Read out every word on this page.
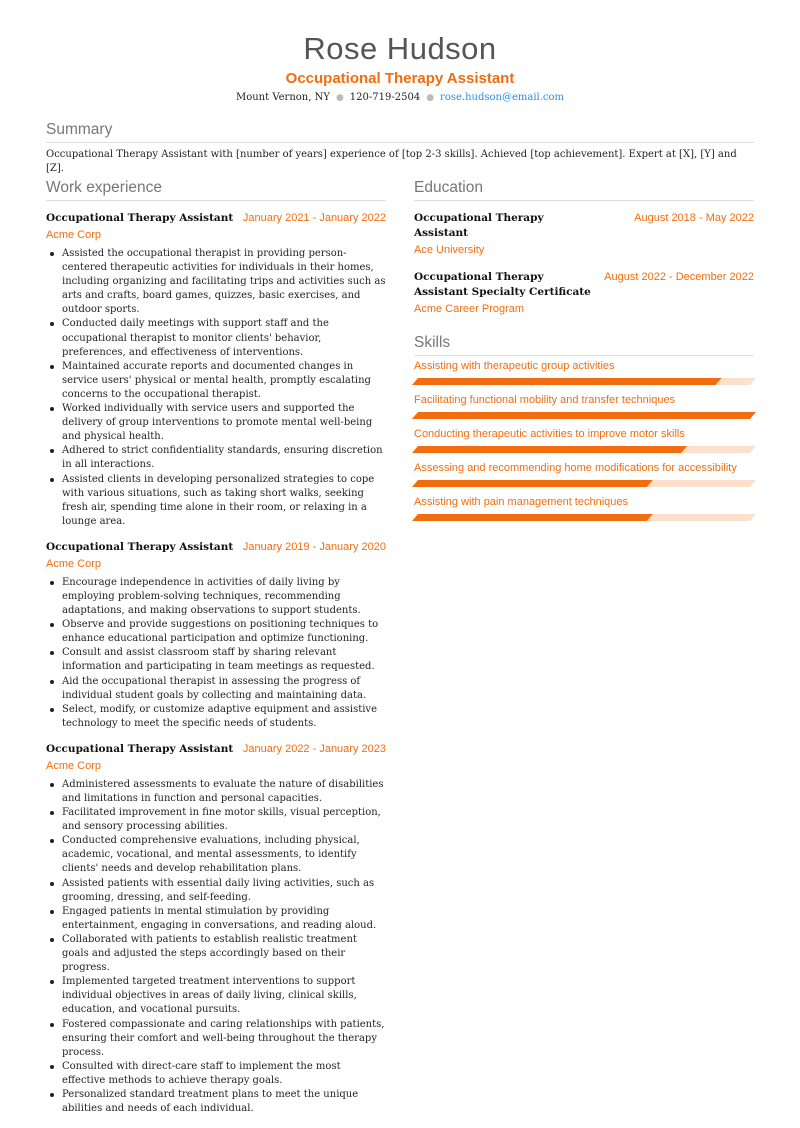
Rose Hudson
Occupational Therapy Assistant
Mount Vernon, NY ● 120-719-2504 ● rose.hudson@email.com
Summary

Occupational Therapy Assistant with [number of years] experience of [top 2-3 skills]. Achieved [top achievement]. Expert at [X], [Y] and [Z].

Work experience
Occupational Therapy Assistant January 2021 - January 2022
Acme Corp
Assisted the occupational therapist in providing person-centered therapeutic activities for individuals in their homes, including organizing and facilitating trips and activities such as arts and crafts, board games, quizzes, basic exercises, and outdoor sports.
Conducted daily meetings with support staff and the occupational therapist to monitor clients' behavior, preferences, and effectiveness of interventions.
Maintained accurate reports and documented changes in service users' physical or mental health, promptly escalating concerns to the occupational therapist.
Worked individually with service users and supported the delivery of group interventions to promote mental well-being and physical health.
Adhered to strict confidentiality standards, ensuring discretion in all interactions.
Assisted clients in developing personalized strategies to cope with various situations, such as taking short walks, seeking fresh air, spending time alone in their room, or relaxing in a lounge area.
Occupational Therapy Assistant January 2019 - January 2020
Acme Corp
Encourage independence in activities of daily living by employing problem-solving techniques, recommending adaptations, and making observations to support students.
Observe and provide suggestions on positioning techniques to enhance educational participation and optimize functioning.
Consult and assist classroom staff by sharing relevant information and participating in team meetings as requested.
Aid the occupational therapist in assessing the progress of individual student goals by collecting and maintaining data.
Select, modify, or customize adaptive equipment and assistive technology to meet the specific needs of students.
Occupational Therapy Assistant January 2022 - January 2023
Acme Corp
Administered assessments to evaluate the nature of disabilities and limitations in function and personal capacities.
Facilitated improvement in fine motor skills, visual perception, and sensory processing abilities.
Conducted comprehensive evaluations, including physical, academic, vocational, and mental assessments, to identify clients' needs and develop rehabilitation plans.
Assisted patients with essential daily living activities, such as grooming, dressing, and self-feeding.
Engaged patients in mental stimulation by providing entertainment, engaging in conversations, and reading aloud.
Collaborated with patients to establish realistic treatment goals and adjusted the steps accordingly based on their progress.
Implemented targeted treatment interventions to support individual objectives in areas of daily living, clinical skills, education, and vocational pursuits.
Fostered compassionate and caring relationships with patients, ensuring their comfort and well-being throughout the therapy process.
Consulted with direct-care staff to implement the most effective methods to achieve therapy goals.
Personalized standard treatment plans to meet the unique abilities and needs of each individual.
Education
Occupational Therapy Assistant
August 2018 - May 2022
Ace University
Occupational Therapy Assistant Specialty Certificate
August 2022 - December 2022
Acme Career Program
Skills
Assisting with therapeutic group activities
Facilitating functional mobility and transfer techniques
Conducting therapeutic activities to improve motor skills
Assessing and recommending home modifications for accessibility
Assisting with pain management techniques
